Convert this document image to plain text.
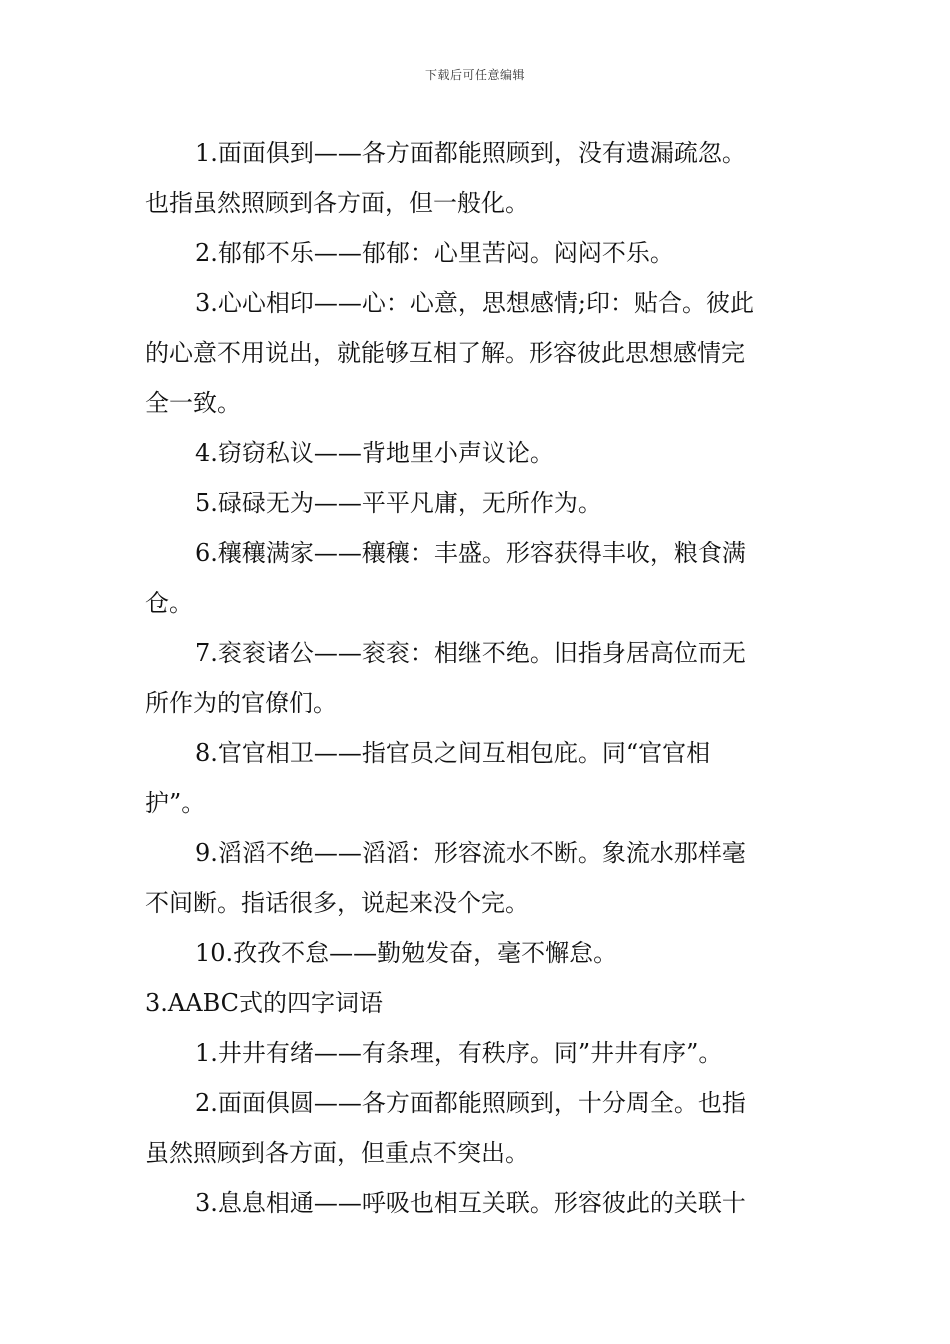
下载后可任意编辑
1.面面俱到——各方面都能照顾到，没有遗漏疏忽。
也指虽然照顾到各方面，但一般化。
2.郁郁不乐——郁郁：心里苦闷。闷闷不乐。
3.心心相印——心：心意，思想感情;印：贴合。彼此
的心意不用说出，就能够互相了解。形容彼此思想感情完
全一致。
4.窃窃私议——背地里小声议论。
5.碌碌无为——平平凡庸，无所作为。
6.穰穰满家——穰穰：丰盛。形容获得丰收，粮食满
仓。
7.衮衮诸公——衮衮：相继不绝。旧指身居高位而无
所作为的官僚们。
8.官官相卫——指官员之间互相包庇。同“官官相
护”。
9.滔滔不绝——滔滔：形容流水不断。象流水那样毫
不间断。指话很多，说起来没个完。
10.孜孜不怠——勤勉发奋，毫不懈怠。
3.AABC式的四字词语
1.井井有绪——有条理，有秩序。同”井井有序”。
2.面面俱圆——各方面都能照顾到，十分周全。也指
虽然照顾到各方面，但重点不突出。
3.息息相通——呼吸也相互关联。形容彼此的关联十
